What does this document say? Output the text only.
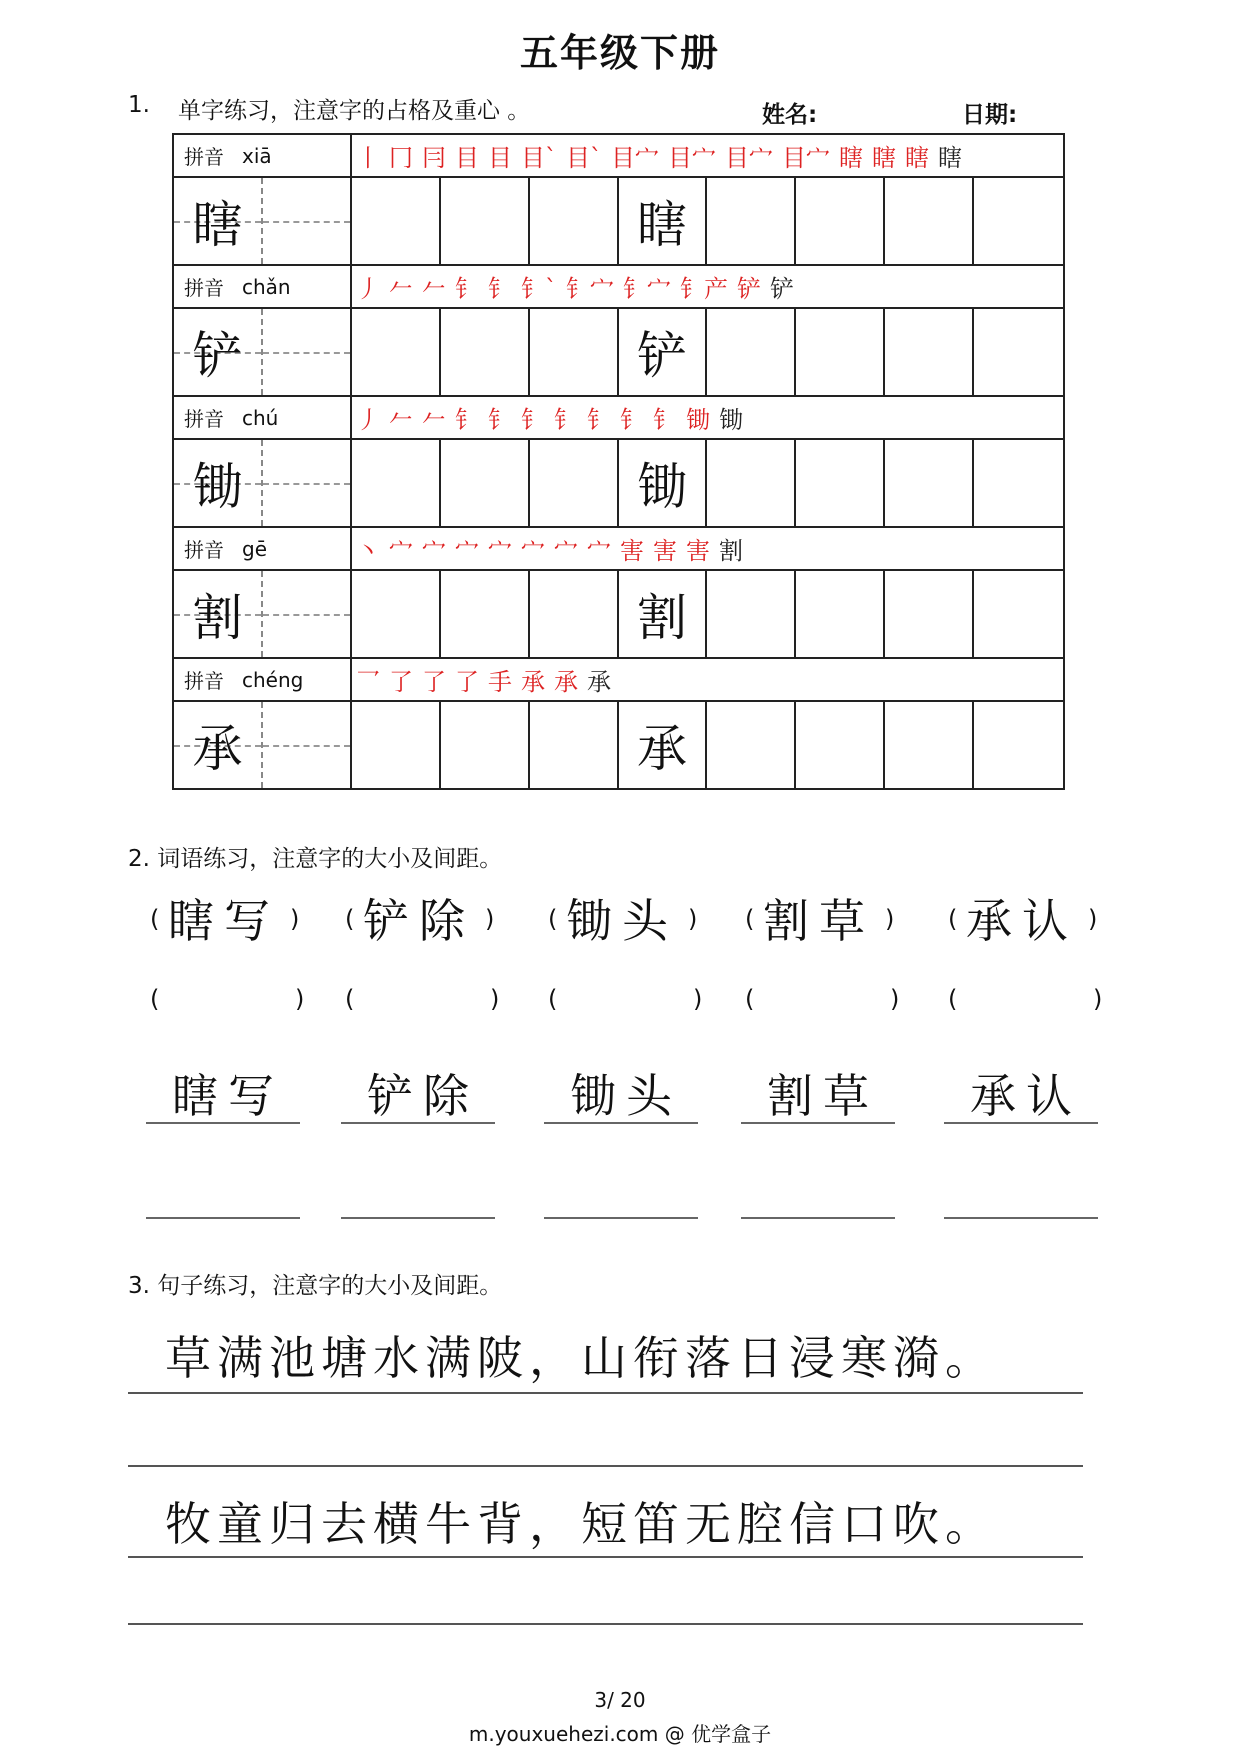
五年级下册
1. 单字练习，注意字的占格及重心 。	姓名:	日期:
拼音 xiā	丨 冂 冃 目 目 目` 目` 目宀 目宀 目宀 目宀 瞎 瞎 瞎 瞎
瞎	瞎
拼音 chǎn	丿 𠂉 𠂉 钅 钅 钅` 钅宀 钅宀 钅产 铲 铲
铲	铲
拼音 chú	丿 𠂉 𠂉 钅 钅 钅 钅 钅 钅 钅 锄 锄
锄	锄
拼音 gē	丶 宀 宀 宀 宀 宀 宀 宀 害 害 害 割
割	割
拼音 chéng 乛 了 了 了 手 承 承 承
承	承
2. 词语练习，注意字的大小及间距。
( 瞎写 )
(	)
瞎写
( 铲除 )
(	)
铲除
( 锄头 )
(	)
锄头
( 割草 )
(	)
割草
( 承认 )
(	)
承认
3. 句子练习，注意字的大小及间距。
草满池塘水满陂，山衔落日浸寒漪。
牧童归去横牛背，短笛无腔信口吹。
3/ 20
m.youxuehezi.com @ 优学盒子
